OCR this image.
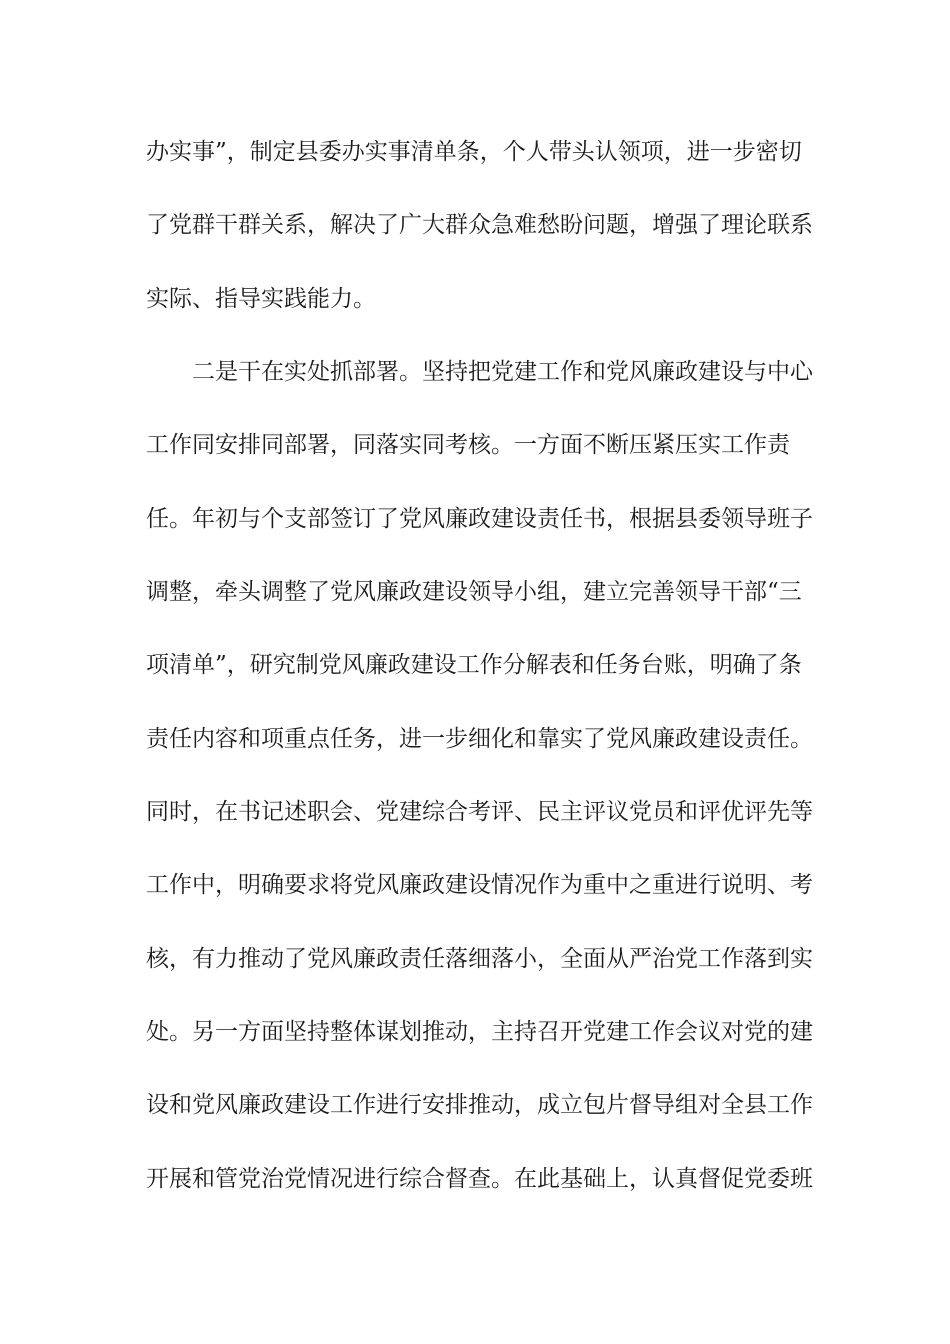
办实事”，制定县委办实事清单条，个人带头认领项，进一步密切
了党群干群关系，解决了广大群众急难愁盼问题，增强了理论联系
实际、指导实践能力。
二是干在实处抓部署。坚持把党建工作和党风廉政建设与中心
工作同安排同部署，同落实同考核。一方面不断压紧压实工作责
任。年初与个支部签订了党风廉政建设责任书，根据县委领导班子
调整，牵头调整了党风廉政建设领导小组，建立完善领导干部“三
项清单”，研究制党风廉政建设工作分解表和任务台账，明确了条
责任内容和项重点任务，进一步细化和靠实了党风廉政建设责任。
同时，在书记述职会、党建综合考评、民主评议党员和评优评先等
工作中，明确要求将党风廉政建设情况作为重中之重进行说明、考
核，有力推动了党风廉政责任落细落小，全面从严治党工作落到实
处。另一方面坚持整体谋划推动，主持召开党建工作会议对党的建
设和党风廉政建设工作进行安排推动，成立包片督导组对全县工作
开展和管党治党情况进行综合督查。在此基础上，认真督促党委班
